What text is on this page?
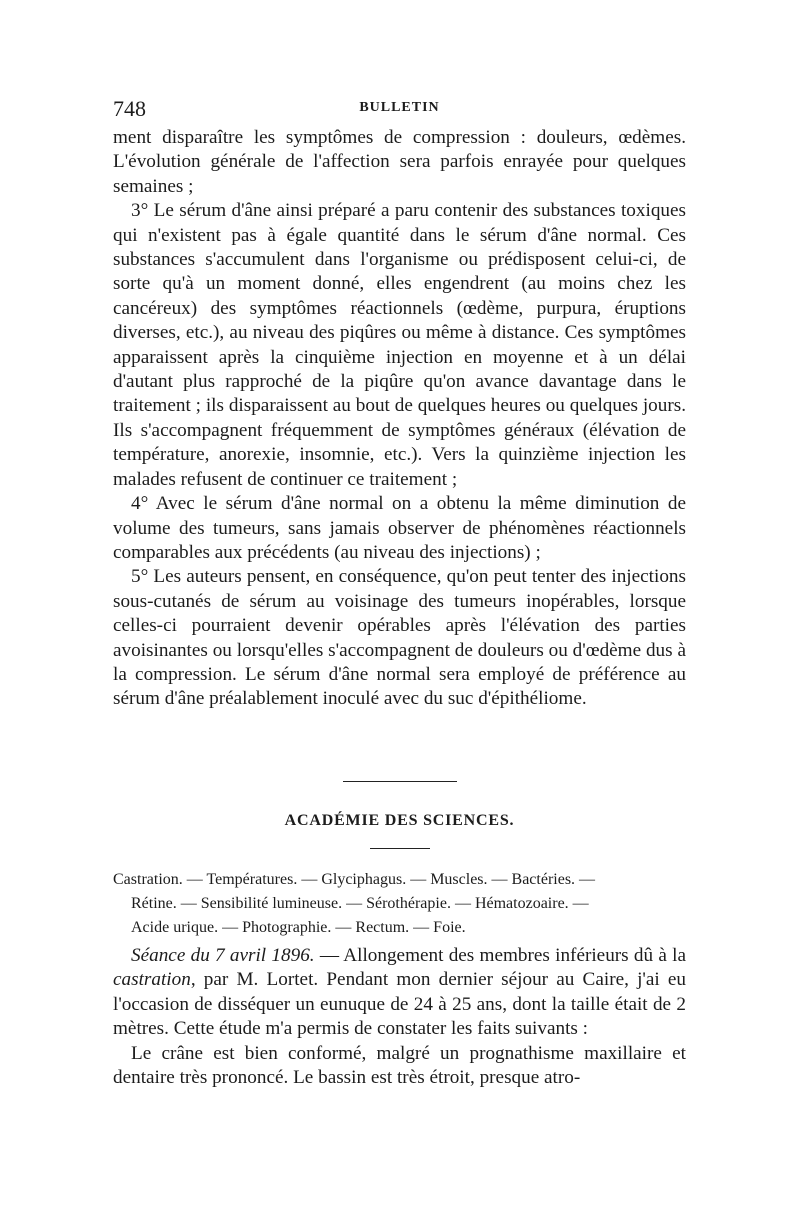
748	BULLETIN

ment disparaître les symptômes de compression : douleurs, œdèmes. L'évolution générale de l'affection sera parfois enrayée pour quelques semaines ;

3° Le sérum d'âne ainsi préparé a paru contenir des substances toxiques qui n'existent pas à égale quantité dans le sérum d'âne normal. Ces substances s'accumulent dans l'organisme ou prédisposent celui-ci, de sorte qu'à un moment donné, elles engendrent (au moins chez les cancéreux) des symptômes réactionnels (œdème, purpura, éruptions diverses, etc.), au niveau des piqûres ou même à distance. Ces symptômes apparaissent après la cinquième injection en moyenne et à un délai d'autant plus rapproché de la piqûre qu'on avance davantage dans le traitement ; ils disparaissent au bout de quelques heures ou quelques jours. Ils s'accompagnent fréquemment de symptômes généraux (élévation de température, anorexie, insomnie, etc.). Vers la quinzième injection les malades refusent de continuer ce traitement ;

4° Avec le sérum d'âne normal on a obtenu la même diminution de volume des tumeurs, sans jamais observer de phénomènes réactionnels comparables aux précédents (au niveau des injections) ;

5° Les auteurs pensent, en conséquence, qu'on peut tenter des injections sous-cutanés de sérum au voisinage des tumeurs inopérables, lorsque celles-ci pourraient devenir opérables après l'élévation des parties avoisinantes ou lorsqu'elles s'accompagnent de douleurs ou d'œdème dus à la compression. Le sérum d'âne normal sera employé de préférence au sérum d'âne préalablement inoculé avec du suc d'épithéliome.

ACADÉMIE DES SCIENCES.
Castration. — Températures. — Glyciphagus. — Muscles. — Bactéries. —
Rétine. — Sensibilité lumineuse. — Sérothérapie. — Hématozoaire. —
Acide urique. — Photographie. — Rectum. — Foie.

Séance du 7 avril 1896. — Allongement des membres inférieurs dû à la castration, par M. Lortet. Pendant mon dernier séjour au Caire, j'ai eu l'occasion de disséquer un eunuque de 24 à 25 ans, dont la taille était de 2 mètres. Cette étude m'a permis de constater les faits suivants :

Le crâne est bien conformé, malgré un prognathisme maxillaire et dentaire très prononcé. Le bassin est très étroit, presque atro-
